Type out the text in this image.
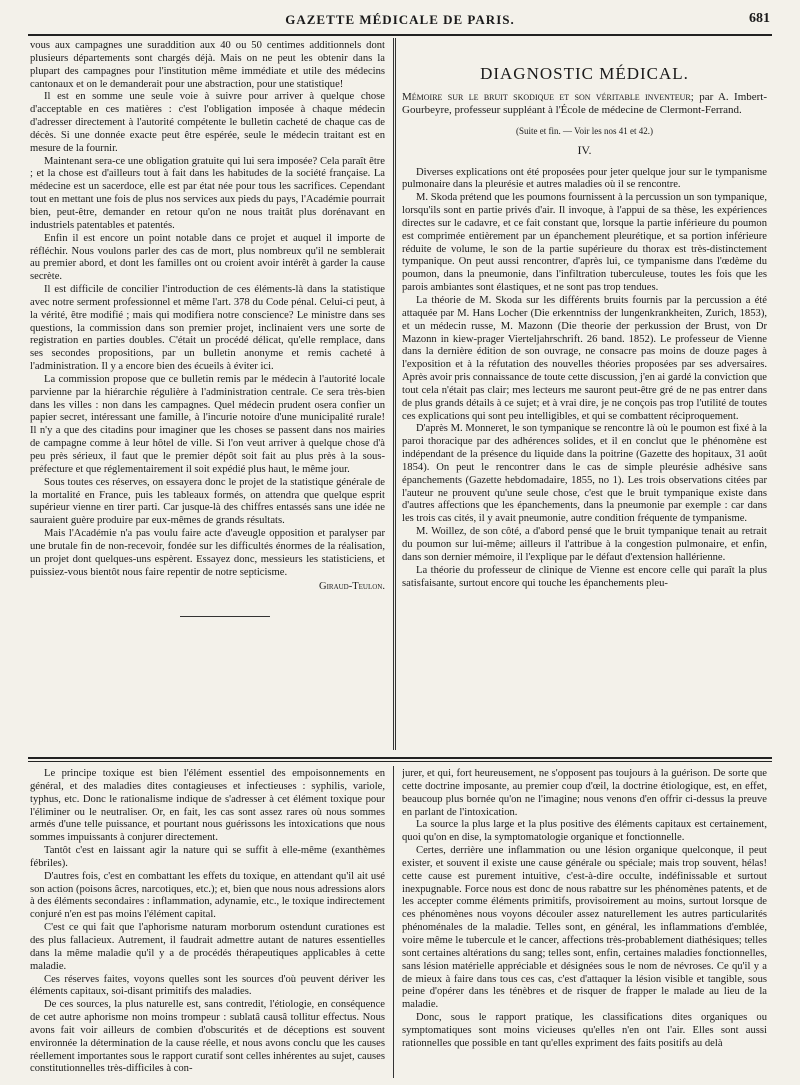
GAZETTE MÉDICALE DE PARIS.	681

vous aux campagnes une suraddition aux 40 ou 50 centimes additionnels dont plusieurs départements sont chargés déjà. Mais on ne peut les obtenir dans la plupart des campagnes pour l'institution même immédiate et utile des médecins cantonaux et on le demanderait pour une abstraction, pour une statistique!

Il est en somme une seule voie à suivre pour arriver à quelque chose d'acceptable en ces matières : c'est l'obligation imposée à chaque médecin d'adresser directement à l'autorité compétente le bulletin cacheté de chaque cas de décès. Si une donnée exacte peut être espérée, seule le médecin traitant est en mesure de la fournir.

Maintenant sera-ce une obligation gratuite qui lui sera imposée? Cela paraît être ; et la chose est d'ailleurs tout à fait dans les habitudes de la société française. La médecine est un sacerdoce, elle est par état née pour tous les sacrifices. Cependant tout en mettant une fois de plus nos services aux pieds du pays, l'Académie pourrait bien, peut-être, demander en retour qu'on ne nous traitât plus dorénavant en industriels patentables et patentés.

Enfin il est encore un point notable dans ce projet et auquel il importe de réfléchir. Nous voulons parler des cas de mort, plus nombreux qu'il ne semblerait au premier abord, et dont les familles ont ou croient avoir intérêt à garder la cause secrète.

Il est difficile de concilier l'introduction de ces éléments-là dans la statistique avec notre serment professionnel et même l'art. 378 du Code pénal. Celui-ci peut, à la vérité, être modifié ; mais qui modifiera notre conscience? Le ministre dans ses questions, la commission dans son premier projet, inclinaient vers une sorte de registration en parties doubles. C'était un procédé délicat, qu'elle remplace, dans ses secondes propositions, par un bulletin anonyme et remis cacheté à l'administration. Il y a encore bien des écueils à éviter ici.

La commission propose que ce bulletin remis par le médecin à l'autorité locale parvienne par la hiérarchie régulière à l'administration centrale. Ce sera très-bien dans les villes : non dans les campagnes. Quel médecin prudent osera confier un papier secret, intéressant une famille, à l'incurie notoire d'une municipalité rurale! Il n'y a que des citadins pour imaginer que les choses se passent dans nos mairies de campagne comme à leur hôtel de ville. Si l'on veut arriver à quelque chose d'à peu près sérieux, il faut que le premier dépôt soit fait au plus près à la sous-préfecture et que réglementairement il soit expédié plus haut, le même jour.

Sous toutes ces réserves, on essayera donc le projet de la statistique générale de la mortalité en France, puis les tableaux formés, on attendra que quelque esprit supérieur vienne en tirer parti. Car jusque-là des chiffres entassés sans une idée ne sauraient guère produire par eux-mêmes de grands résultats.

Mais l'Académie n'a pas voulu faire acte d'aveugle opposition et paralyser par une brutale fin de non-recevoir, fondée sur les difficultés énormes de la réalisation, un projet dont quelques-uns espèrent. Essayez donc, messieurs les statisticiens, et puissiez-vous bientôt nous faire repentir de notre septicisme.

Giraud-Teulon.
DIAGNOSTIC MÉDICAL.

Mémoire sur le bruit skodique et son véritable inventeur; par A. Imbert-Gourbeyre, professeur suppléant à l'École de médecine de Clermont-Ferrand.

(Suite et fin. — Voir les nos 41 et 42.)

IV.

Diverses explications ont été proposées pour jeter quelque jour sur le tympanisme pulmonaire dans la pleurésie et autres maladies où il se rencontre.

M. Skoda prétend que les poumons fournissent à la percussion un son tympanique, lorsqu'ils sont en partie privés d'air. Il invoque, à l'appui de sa thèse, les expériences directes sur le cadavre, et ce fait constant que, lorsque la partie inférieure du poumon est comprimée entièrement par un épanchement pleurétique, et sa portion inférieure réduite de volume, le son de la partie supérieure du thorax est très-distinctement tympanique. On peut aussi rencontrer, d'après lui, ce tympanisme dans l'œdème du poumon, dans la pneumonie, dans l'infiltration tuberculeuse, toutes les fois que les parois ambiantes sont élastiques, et ne sont pas trop tendues.

La théorie de M. Skoda sur les différents bruits fournis par la percussion a été attaquée par M. Hans Locher (Die erkenntniss der lungenkrankheiten, Zurich, 1853), et un médecin russe, M. Mazonn (Die theorie der perkussion der Brust, von Dr Mazonn in kiew-prager Vierteljahrschrift. 26 band. 1852). Le professeur de Vienne dans la dernière édition de son ouvrage, ne consacre pas moins de douze pages à l'exposition et à la réfutation des nouvelles théories proposées par ses adversaires. Après avoir pris connaissance de toute cette discussion, j'en ai gardé la conviction que tout cela n'était pas clair; mes lecteurs me sauront peut-être gré de ne pas entrer dans de plus grands détails à ce sujet; et à vrai dire, je ne conçois pas trop l'utilité de toutes ces explications qui sont peu intelligibles, et qui se combattent réciproquement.

D'après M. Monneret, le son tympanique se rencontre là où le poumon est fixé à la paroi thoracique par des adhérences solides, et il en conclut que le phénomène est indépendant de la présence du liquide dans la poitrine (Gazette des hopitaux, 31 août 1854). On peut le rencontrer dans le cas de simple pleurésie adhésive sans épanchements (Gazette hebdomadaire, 1855, no 1). Les trois observations citées par l'auteur ne prouvent qu'une seule chose, c'est que le bruit tympanique existe dans d'autres affections que les épanchements, dans la pneumonie par exemple : car dans les trois cas cités, il y avait pneumonie, autre condition fréquente de tympanisme.

M. Woillez, de son côté, a d'abord pensé que le bruit tympanique tenait au retrait du poumon sur lui-même; ailleurs il l'attribue à la congestion pulmonaire, et enfin, dans son dernier mémoire, il l'explique par le défaut d'extension hallérienne.

La théorie du professeur de clinique de Vienne est encore celle qui paraît la plus satisfaisante, surtout encore qui touche les épanchements pleu-

Le principe toxique est bien l'élément essentiel des empoisonnements en général, et des maladies dites contagieuses et infectieuses : syphilis, variole, typhus, etc. Donc le rationalisme indique de s'adresser à cet élément toxique pour l'éliminer ou le neutraliser. Or, en fait, les cas sont assez rares où nous sommes armés d'une telle puissance, et pourtant nous guérissons les intoxications que nous sommes impuissants à conjurer directement.

Tantôt c'est en laissant agir la nature qui se suffit à elle-même (exanthèmes fébriles).

D'autres fois, c'est en combattant les effets du toxique, en attendant qu'il ait usé son action (poisons âcres, narcotiques, etc.); et, bien que nous nous adressions alors à des éléments secondaires : inflammation, adynamie, etc., le toxique indirectement conjuré n'en est pas moins l'élément capital.

C'est ce qui fait que l'aphorisme naturam morborum ostendunt curationes est des plus fallacieux. Autrement, il faudrait admettre autant de natures essentielles dans la même maladie qu'il y a de procédés thérapeutiques applicables à cette maladie.

Ces réserves faites, voyons quelles sont les sources d'où peuvent dériver les éléments capitaux, soi-disant primitifs des maladies.

De ces sources, la plus naturelle est, sans contredit, l'étiologie, en conséquence de cet autre aphorisme non moins trompeur : sublatâ causâ tollitur effectus. Nous avons fait voir ailleurs de combien d'obscurités et de déceptions est souvent environnée la détermination de la cause réelle, et nous avons conclu que les causes réellement importantes sous le rapport curatif sont celles inhérentes au sujet, causes constitutionnelles très-difficiles à con-

jurer, et qui, fort heureusement, ne s'opposent pas toujours à la guérison. De sorte que cette doctrine imposante, au premier coup d'œil, la doctrine étiologique, est, en effet, beaucoup plus bornée qu'on ne l'imagine; nous venons d'en offrir ci-dessus la preuve en parlant de l'intoxication.

La source la plus large et la plus positive des éléments capitaux est certainement, quoi qu'on en dise, la symptomatologie organique et fonctionnelle.

Certes, derrière une inflammation ou une lésion organique quelconque, il peut exister, et souvent il existe une cause générale ou spéciale; mais trop souvent, hélas! cette cause est purement intuitive, c'est-à-dire occulte, indéfinissable et surtout inexpugnable. Force nous est donc de nous rabattre sur les phénomènes patents, et de les accepter comme éléments primitifs, provisoirement au moins, surtout lorsque de ces phénomènes nous voyons découler assez naturellement les autres particularités phénoménales de la maladie. Telles sont, en général, les inflammations d'emblée, voire même le tubercule et le cancer, affections très-probablement diathésiques; telles sont certaines altérations du sang; telles sont, enfin, certaines maladies fonctionnelles, sans lésion matérielle appréciable et désignées sous le nom de névroses. Ce qu'il y a de mieux à faire dans tous ces cas, c'est d'attaquer la lésion visible et tangible, sous peine d'opérer dans les ténèbres et de risquer de frapper le malade au lieu de la maladie.

Donc, sous le rapport pratique, les classifications dites organiques ou symptomatiques sont moins vicieuses qu'elles n'en ont l'air. Elles sont aussi rationnelles que possible en tant qu'elles expriment des faits positifs au delà
